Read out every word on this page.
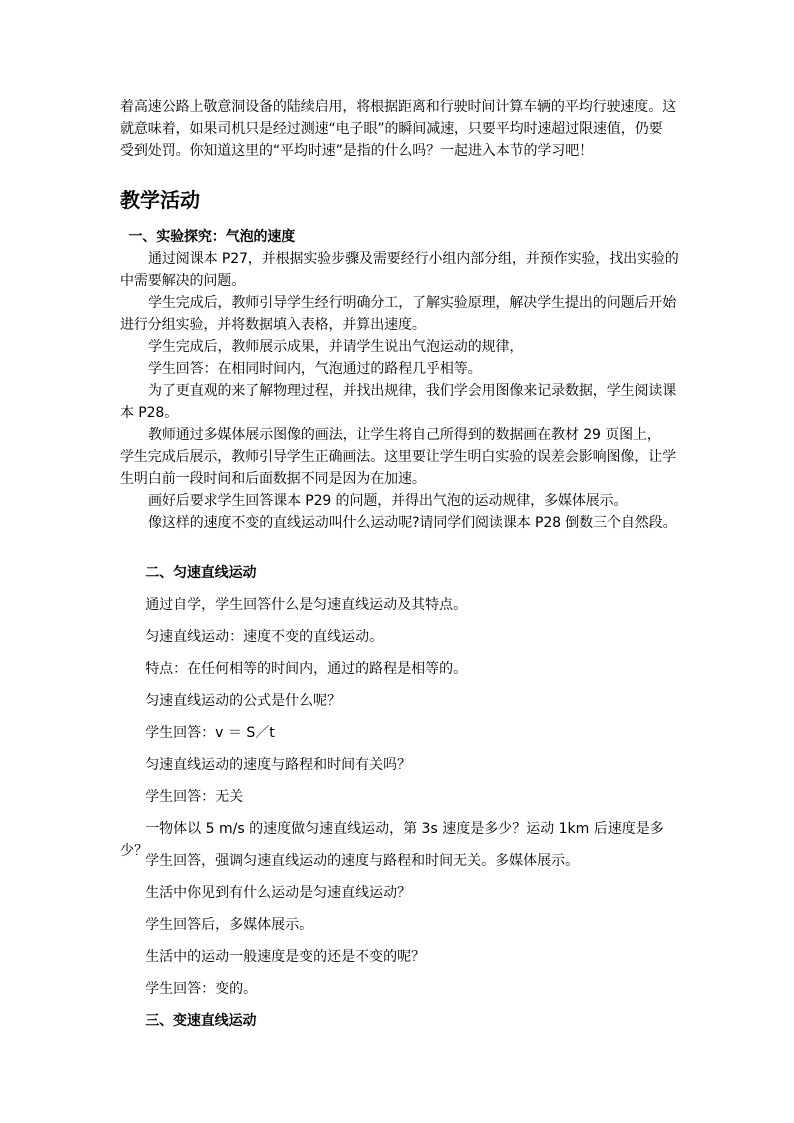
着高速公路上敬意洞设备的陆续启用，将根据距离和行驶时间计算车辆的平均行驶速度。这

就意味着，如果司机只是经过测速“电子眼”的瞬间减速，只要平均时速超过限速值，仍要

受到处罚。你知道这里的“平均时速”是指的什么吗？一起进入本节的学习吧！

教学活动

一、实验探究：气泡的速度

通过阅课本 P27，并根据实验步骤及需要经行小组内部分组，并预作实验，找出实验的中需要解决的问题。

学生完成后，教师引导学生经行明确分工，了解实验原理，解决学生提出的问题后开始进行分组实验，并将数据填入表格，并算出速度。

学生完成后，教师展示成果，并请学生说出气泡运动的规律，

学生回答：在相同时间内，气泡通过的路程几乎相等。

为了更直观的来了解物理过程，并找出规律，我们学会用图像来记录数据，学生阅读课本 P28。

教师通过多媒体展示图像的画法，让学生将自己所得到的数据画在教材 29 页图上，

学生完成后展示，教师引导学生正确画法。这里要让学生明白实验的误差会影响图像，让学生明白前一段时间和后面数据不同是因为在加速。

画好后要求学生回答课本 P29 的问题，并得出气泡的运动规律，多媒体展示。

像这样的速度不变的直线运动叫什么运动呢?请同学们阅读课本 P28 倒数三个自然段。

二、匀速直线运动

通过自学，学生回答什么是匀速直线运动及其特点。

匀速直线运动：速度不变的直线运动。

特点：在任何相等的时间内，通过的路程是相等的。

匀速直线运动的公式是什么呢？

学生回答：v ＝ S／t

匀速直线运动的速度与路程和时间有关吗？

学生回答：无关

一物体以 5 m/s 的速度做匀速直线运动，第 3s 速度是多少？运动 1km 后速度是多少？

学生回答，强调匀速直线运动的速度与路程和时间无关。多媒体展示。

生活中你见到有什么运动是匀速直线运动？

学生回答后，多媒体展示。

生活中的运动一般速度是变的还是不变的呢？

学生回答：变的。

三、变速直线运动
